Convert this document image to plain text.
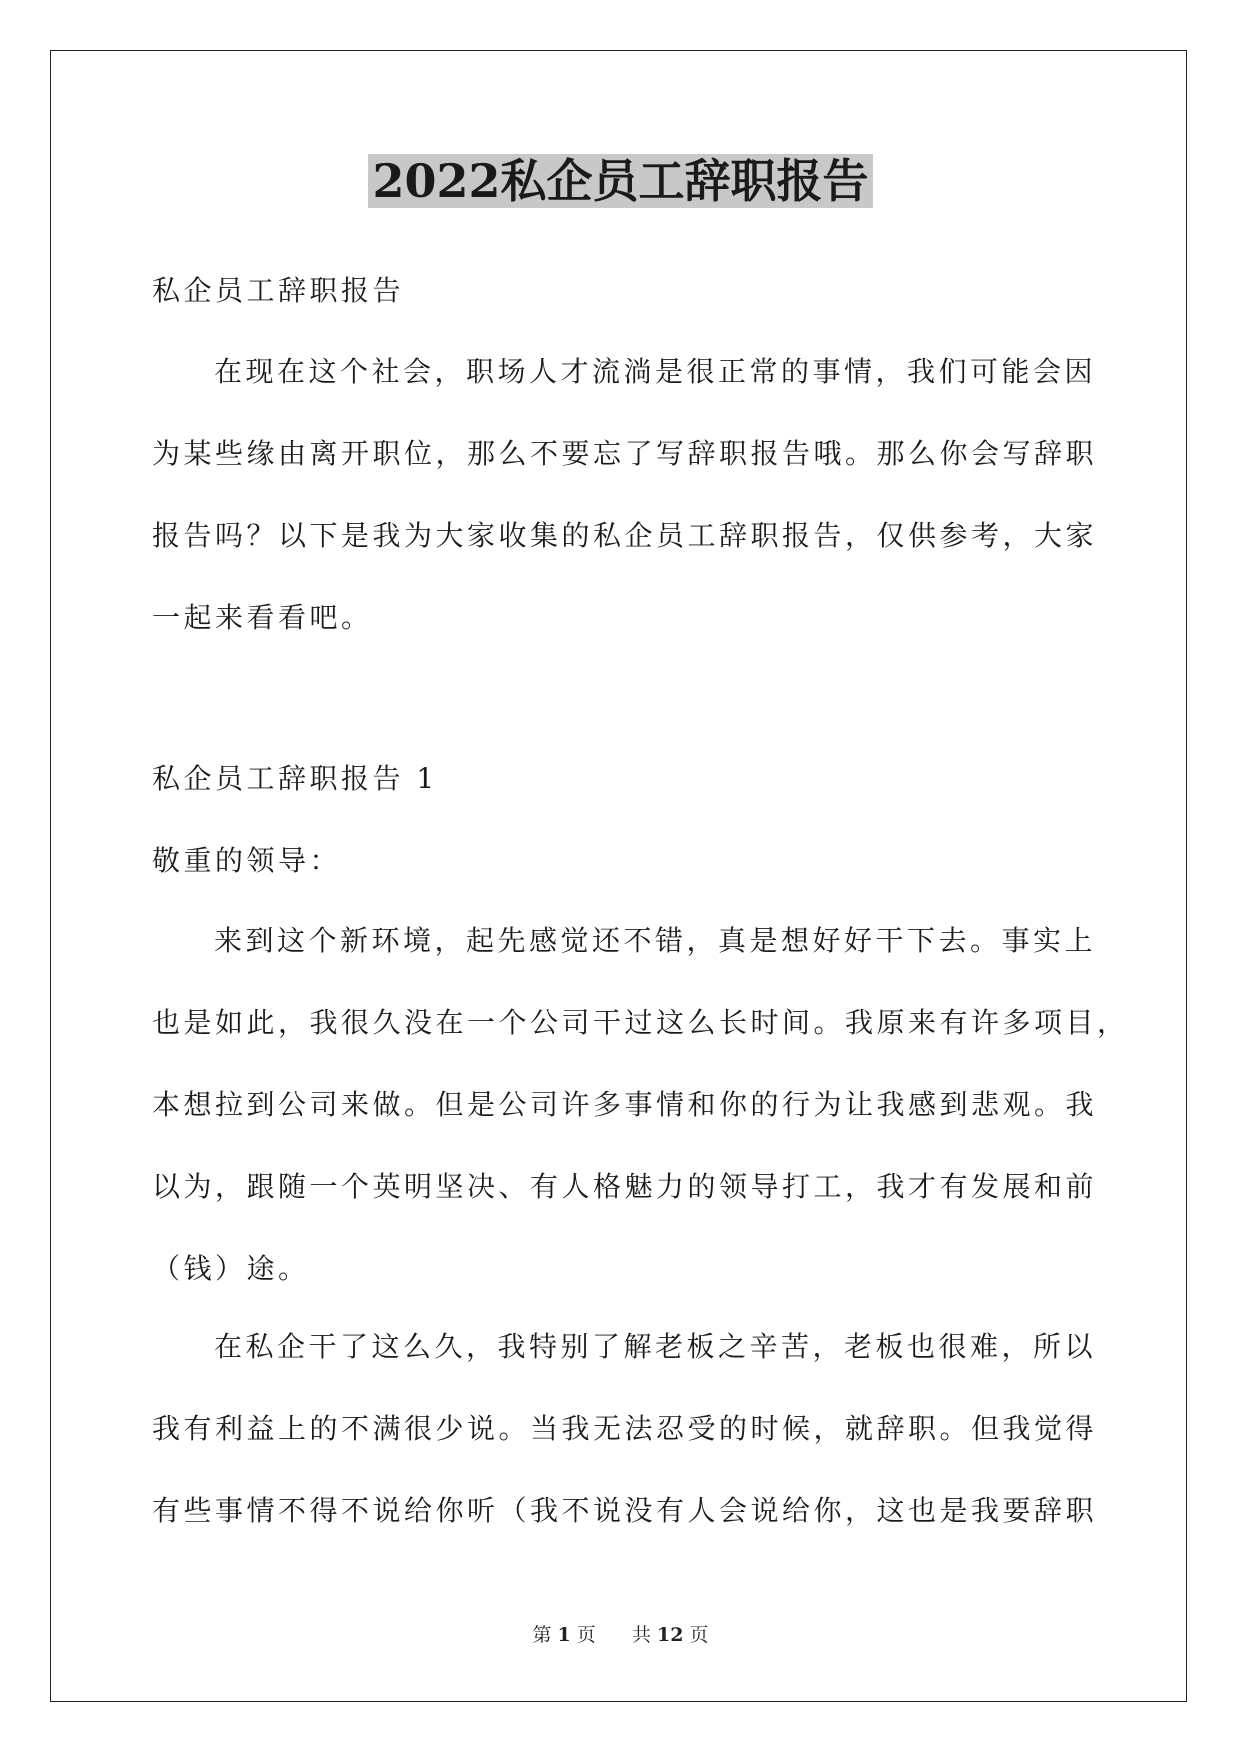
2022私企员工辞职报告
私企员工辞职报告
在现在这个社会，职场人才流淌是很正常的事情，我们可能会因
为某些缘由离开职位，那么不要忘了写辞职报告哦。那么你会写辞职
报告吗？以下是我为大家收集的私企员工辞职报告，仅供参考，大家
一起来看看吧。
私企员工辞职报告 1
敬重的领导：
来到这个新环境，起先感觉还不错，真是想好好干下去。事实上
也是如此，我很久没在一个公司干过这么长时间。我原来有许多项目，
本想拉到公司来做。但是公司许多事情和你的行为让我感到悲观。我
以为，跟随一个英明坚决、有人格魅力的领导打工，我才有发展和前
（钱）途。
在私企干了这么久，我特别了解老板之辛苦，老板也很难，所以
我有利益上的不满很少说。当我无法忍受的时候，就辞职。但我觉得
有些事情不得不说给你听（我不说没有人会说给你，这也是我要辞职
第 1 页 共 12 页
